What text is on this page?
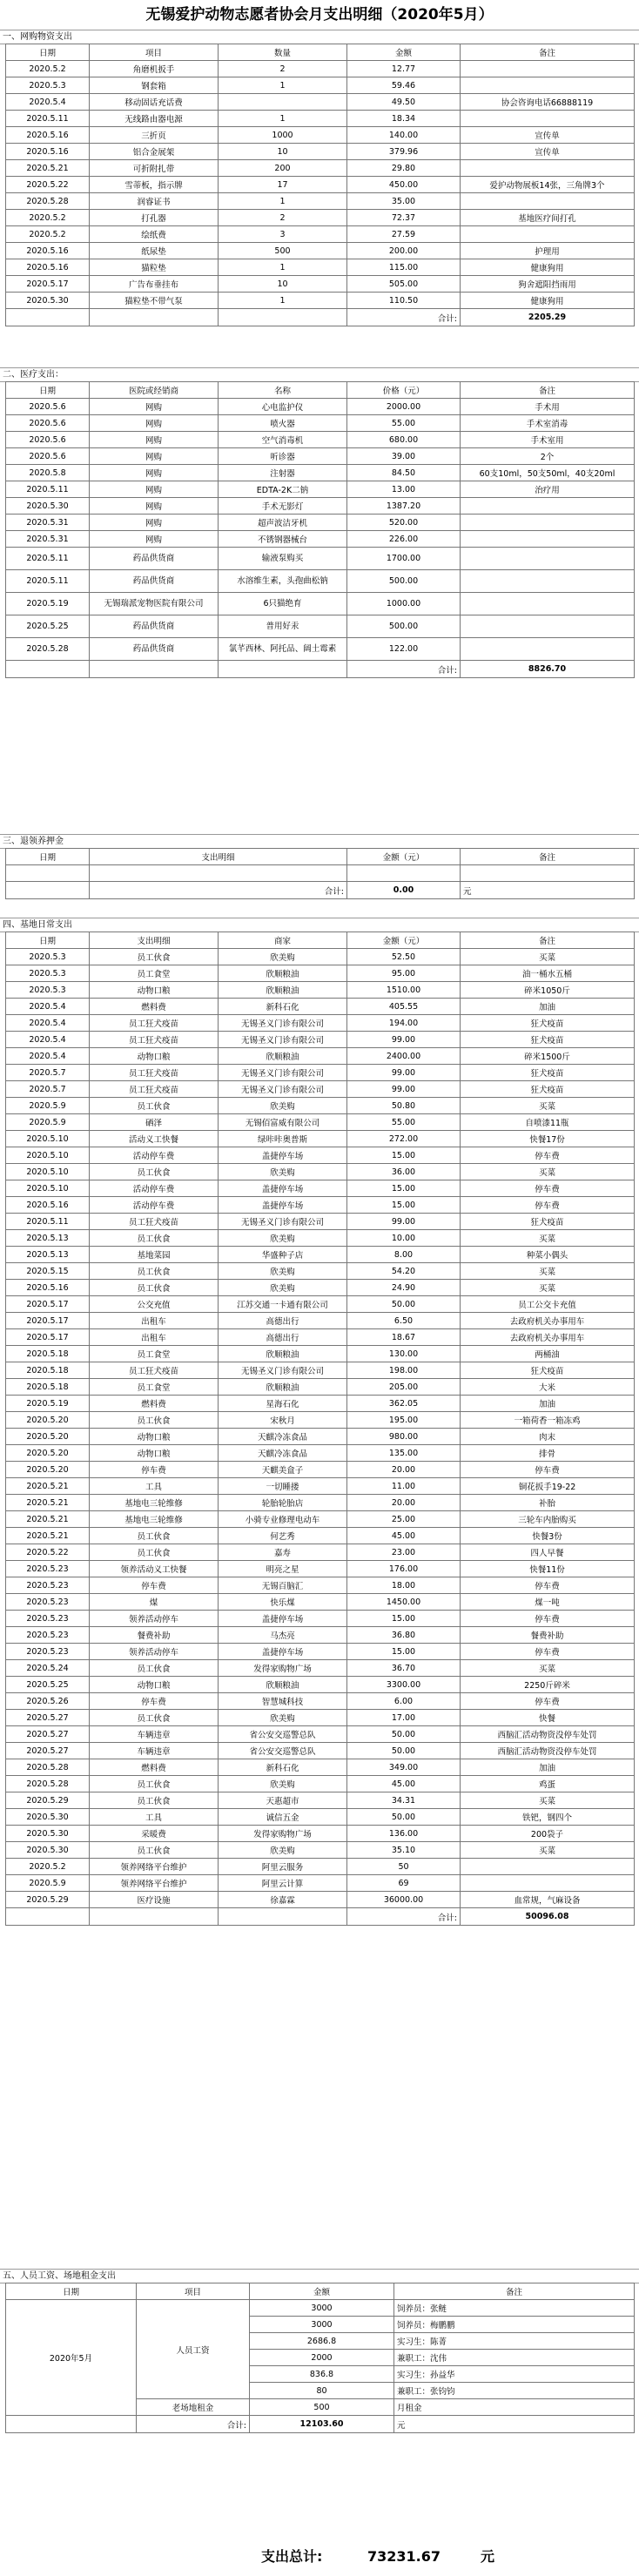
无锡爱护动物志愿者协会月支出明细（2020年5月）
一、网购物资支出
日期	项目	数量	金额	备注
2020.5.2	角磨机扳手	2	12.77	
2020.5.3	钢套箱	1	59.46	
2020.5.4	移动固话充话费		49.50	协会咨询电话66888119
2020.5.11	无线路由器电源	1	18.34	
2020.5.16	三折页	1000	140.00	宣传单
2020.5.16	铝合金展架	10	379.96	宣传单
2020.5.21	可折附扎带	200	29.80	
2020.5.22	雪蒂板，指示牌	17	450.00	爱护动物展板14张，三角牌3个
2020.5.28	润睿证书	1	35.00	
2020.5.2	打孔器	2	72.37	基地医疗间打孔
2020.5.2	绘纸费	3	27.59	
2020.5.16	纸尿垫	500	200.00	护理用
2020.5.16	猫粒垫	1	115.00	健康狗用
2020.5.17	广告布垂挂布	10	505.00	狗舍遮阳挡雨用
2020.5.30	猫粒垫不带气泵	1	110.50	健康狗用
			合计:	2205.29
二、医疗支出：
日期	医院或经销商	名称	价格（元）	备注
2020.5.6	网购	心电监护仪	2000.00	手术用
2020.5.6	网购	喷火器	55.00	手术室消毒
2020.5.6	网购	空气消毒机	680.00	手术室用
2020.5.6	网购	听诊器	39.00	2个
2020.5.8	网购	注射器	84.50	60支10ml，50支50ml，40支20ml
2020.5.11	网购	EDTA-2K二钠	13.00	治疗用
2020.5.30	网购	手术无影灯	1387.20	
2020.5.31	网购	超声波洁牙机	520.00	
2020.5.31	网购	不锈钢器械台	226.00	
2020.5.11	药品供货商	输液泵购买	1700.00	
2020.5.11	药品供货商	水溶维生素，头孢曲松钠	500.00	
2020.5.19	无锡瑞派宠物医院有限公司	6只猫绝育	1000.00	
2020.5.25	药品供货商	普用好汞	500.00	
2020.5.28	药品供货商	氯芊西林、阿托品、阔土霉素	122.00	
			合计:	8826.70
三、退领养押金
日期	支出明细	金额（元）	备注

	合计:	0.00	元
四、基地日常支出
日期	支出明细	商家	金额（元）	备注
2020.5.3	员工伙食	欣美购	52.50	买菜
2020.5.3	员工食堂	欣顺粮油	95.00	油一桶水五桶
2020.5.3	动物口粮	欣顺粮油	1510.00	碎米1050斤
2020.5.4	燃料费	新科石化	405.55	加油
2020.5.4	员工狂犬疫苗	无锡圣义门诊有限公司	194.00	狂犬疫苗
2020.5.4	员工狂犬疫苗	无锡圣义门诊有限公司	99.00	狂犬疫苗
2020.5.4	动物口粮	欣顺粮油	2400.00	碎米1500斤
2020.5.7	员工狂犬疫苗	无锡圣义门诊有限公司	99.00	狂犬疫苗
2020.5.7	员工狂犬疫苗	无锡圣义门诊有限公司	99.00	狂犬疫苗
2020.5.9	员工伙食	欣美购	50.80	买菜
2020.5.9	硒泽	无锡佰富威有限公司	55.00	自喷漆11瓶
2020.5.10	活动义工快餐	绿咔咔奥普斯	272.00	快餐17份
2020.5.10	活动停车费	盖捷停车场	15.00	停车费
2020.5.10	员工伙食	欣美购	36.00	买菜
2020.5.10	活动停车费	盖捷停车场	15.00	停车费
2020.5.16	活动停车费	盖捷停车场	15.00	停车费
2020.5.11	员工狂犬疫苗	无锡圣义门诊有限公司	99.00	狂犬疫苗
2020.5.13	员工伙食	欣美购	10.00	买菜
2020.5.13	基地菜园	华盛种子店	8.00	种菜小偶头
2020.5.15	员工伙食	欣美购	54.20	买菜
2020.5.16	员工伙食	欣美购	24.90	买菜
2020.5.17	公交充值	江苏交通一卡通有限公司	50.00	员工公交卡充值
2020.5.17	出租车	高德出行	6.50	去政府机关办事用车
2020.5.17	出租车	高德出行	18.67	去政府机关办事用车
2020.5.18	员工食堂	欣顺粮油	130.00	两桶油
2020.5.18	员工狂犬疫苗	无锡圣义门诊有限公司	198.00	狂犬疫苗
2020.5.18	员工食堂	欣顺粮油	205.00	大米
2020.5.19	燃料费	星海石化	362.05	加油
2020.5.20	员工伙食	宋秋月	195.00	一箱荷香一箱冻鸡
2020.5.20	动物口粮	天麒冷冻食品	980.00	肉末
2020.5.20	动物口粮	天麒冷冻食品	135.00	排骨
2020.5.20	停车费	天麒美盒子	20.00	停车费
2020.5.21	工具	一切睡搂	11.00	铜花扳手19-22
2020.5.21	基地电三轮维修	轮胎轮胎店	20.00	补胎
2020.5.21	基地电三轮维修	小骑专业修理电动车	25.00	三轮车内胎购买
2020.5.21	员工伙食	何艺秀	45.00	快餐3份
2020.5.22	员工伙食	嘉寿	23.00	四人早餐
2020.5.23	领养活动义工快餐	明亮之星	176.00	快餐11份
2020.5.23	停车费	无锡百脑汇	18.00	停车费
2020.5.23	煤	快乐煤	1450.00	煤一吨
2020.5.23	领养活动停车	盖捷停车场	15.00	停车费
2020.5.23	餐费补助	马杰亮	36.80	餐费补助
2020.5.23	领养活动停车	盖捷停车场	15.00	停车费
2020.5.24	员工伙食	发得家购物广场	36.70	买菜
2020.5.25	动物口粮	欣顺粮油	3300.00	2250斤碎米
2020.5.26	停车费	智慧城科技	6.00	停车费
2020.5.27	员工伙食	欣美购	17.00	快餐
2020.5.27	车辆违章	省公安交巡警总队	50.00	西脑汇活动物资没停车处罚
2020.5.27	车辆违章	省公安交巡警总队	50.00	西脑汇活动物资没停车处罚
2020.5.28	燃料费	新科石化	349.00	加油
2020.5.28	员工伙食	欣美购	45.00	鸡蛋
2020.5.29	员工伙食	天惠超市	34.31	买菜
2020.5.30	工具	诚信五金	50.00	铁钯，钢四个
2020.5.30	采暖费	发得家购物广场	136.00	200袋子
2020.5.30	员工伙食	欣美购	35.10	买菜
2020.5.2	领养网络平台维护	阿里云服务	50	
2020.5.9	领养网络平台维护	阿里云计算	69	
2020.5.29	医疗设施	徐嘉霖	36000.00	血常规，气麻设备
			合计:	50096.08
五、人员工资、场地租金支出
日期	项目	金额	备注
2020年5月	人员工资	3000	饲养员：张鲢
		3000	饲养员：梅鹏鹏
		2686.8	实习生：陈菁
		2000	兼职工：沈伟
		836.8	实习生：孙益华
		80	兼职工：张钧钧
	老场地租金	500	月租金
	合计:	12103.60	元
支出总计:	73231.67	元
